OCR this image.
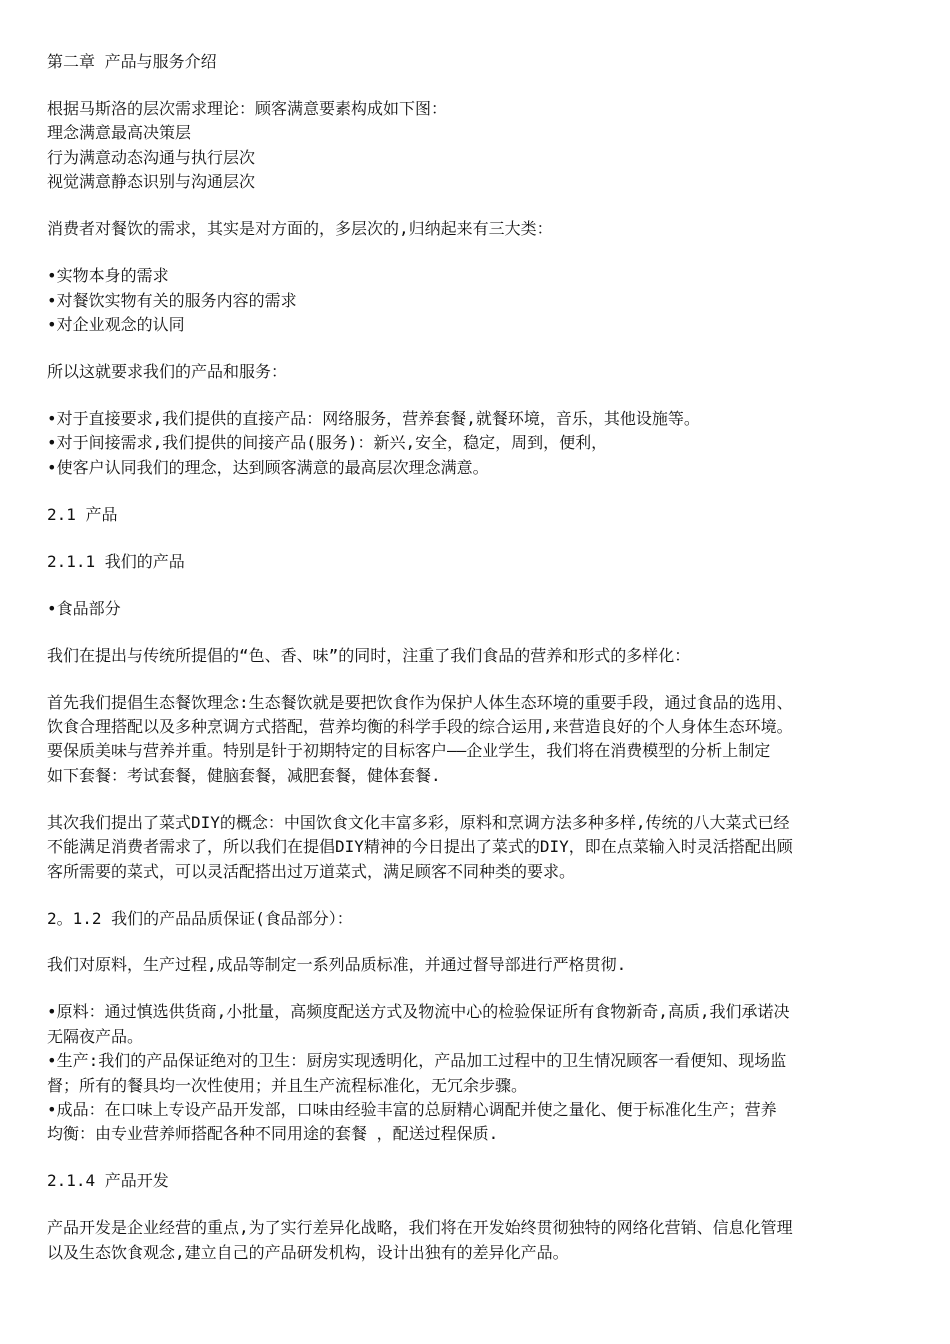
第二章 产品与服务介绍
根据马斯洛的层次需求理论：顾客满意要素构成如下图：
理念满意最高决策层
行为满意动态沟通与执行层次
视觉满意静态识别与沟通层次
消费者对餐饮的需求，其实是对方面的，多层次的,归纳起来有三大类：
•实物本身的需求
•对餐饮实物有关的服务内容的需求
•对企业观念的认同
所以这就要求我们的产品和服务：
•对于直接要求,我们提供的直接产品：网络服务，营养套餐,就餐环境，音乐，其他设施等。
•对于间接需求,我们提供的间接产品(服务)：新兴,安全，稳定，周到，便利，
•使客户认同我们的理念，达到顾客满意的最高层次理念满意。
2.1 产品
2.1.1 我们的产品
•食品部分
我们在提出与传统所提倡的“色、香、味”的同时，注重了我们食品的营养和形式的多样化：
首先我们提倡生态餐饮理念:生态餐饮就是要把饮食作为保护人体生态环境的重要手段，通过食品的选用、
饮食合理搭配以及多种烹调方式搭配，营养均衡的科学手段的综合运用,来营造良好的个人身体生态环境。
要保质美味与营养并重。特别是针于初期特定的目标客户——企业学生，我们将在消费模型的分析上制定
如下套餐：考试套餐，健脑套餐，减肥套餐，健体套餐.
其次我们提出了菜式DIY的概念：中国饮食文化丰富多彩，原料和烹调方法多种多样,传统的八大菜式已经
不能满足消费者需求了，所以我们在提倡DIY精神的今日提出了菜式的DIY，即在点菜输入时灵活搭配出顾
客所需要的菜式，可以灵活配搭出过万道菜式，满足顾客不同种类的要求。
2。1.2 我们的产品品质保证(食品部分）：
我们对原料，生产过程,成品等制定一系列品质标准，并通过督导部进行严格贯彻.
•原料：通过慎选供货商,小批量，高频度配送方式及物流中心的检验保证所有食物新奇,高质,我们承诺决
无隔夜产品。
•生产:我们的产品保证绝对的卫生：厨房实现透明化，产品加工过程中的卫生情况顾客一看便知、现场监
督；所有的餐具均一次性使用；并且生产流程标准化，无冗余步骤。
•成品：在口味上专设产品开发部，口味由经验丰富的总厨精心调配并使之量化、便于标准化生产；营养
均衡：由专业营养师搭配各种不同用途的套餐 ，配送过程保质.
2.1.4 产品开发
产品开发是企业经营的重点,为了实行差异化战略，我们将在开发始终贯彻独特的网络化营销、信息化管理
以及生态饮食观念,建立自己的产品研发机构，设计出独有的差异化产品。
